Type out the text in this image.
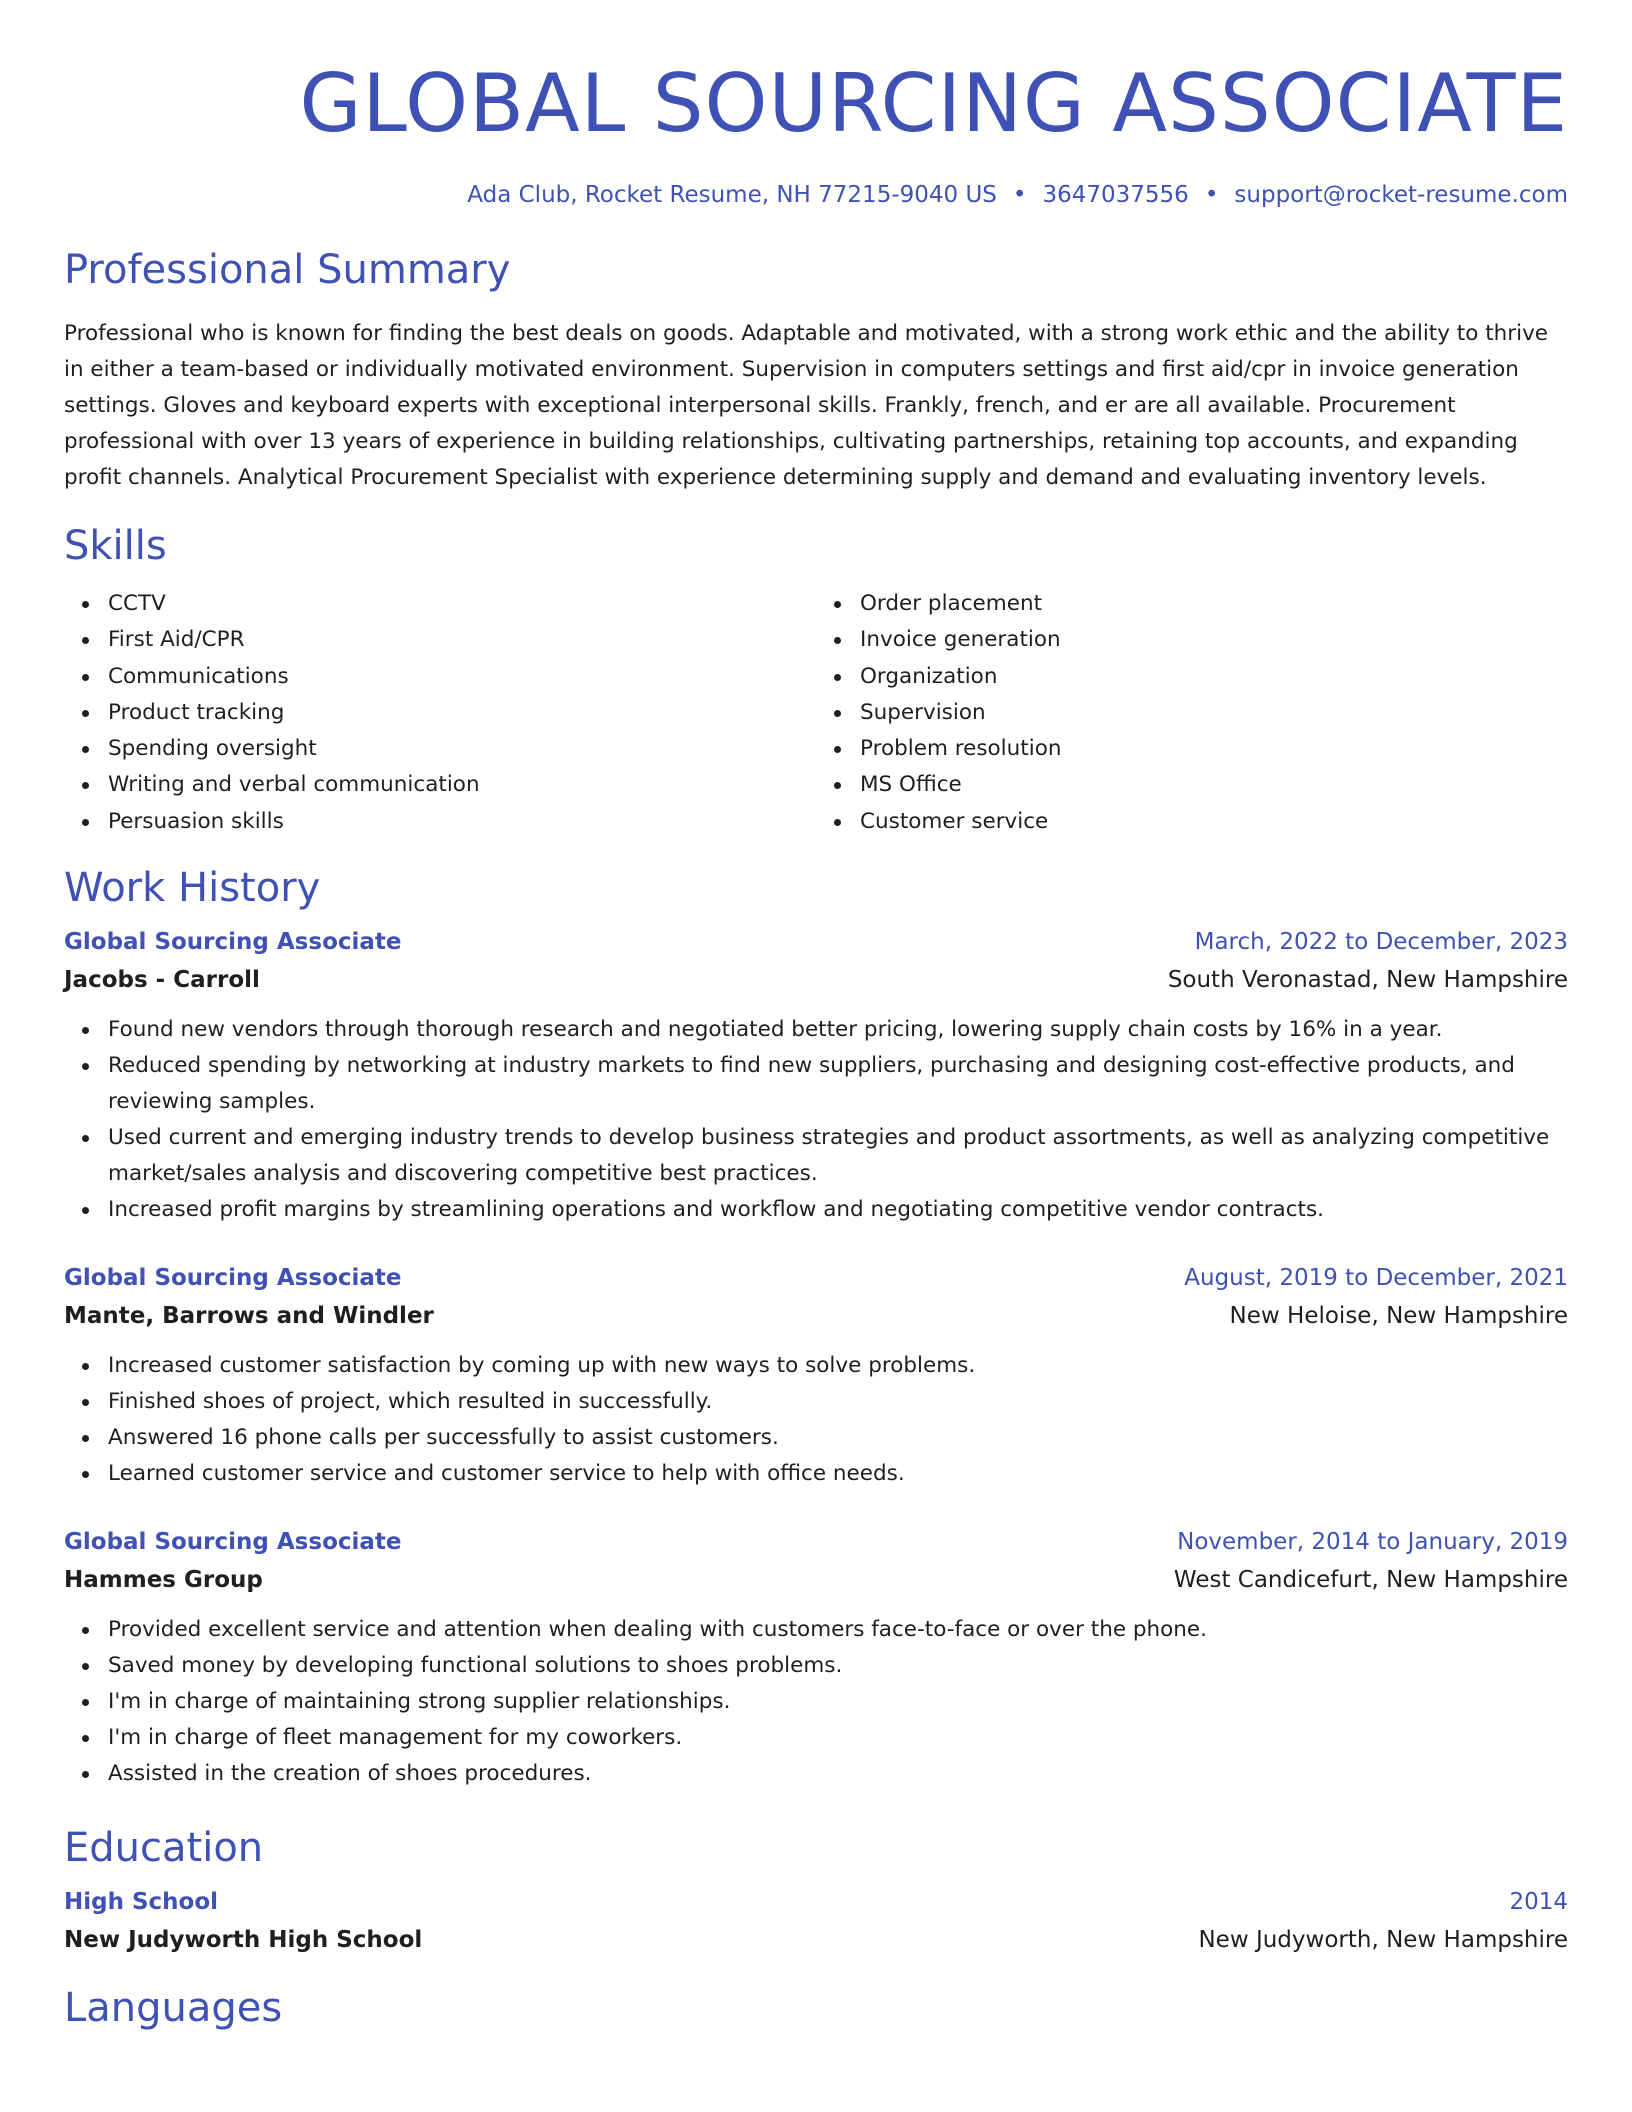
GLOBAL SOURCING ASSOCIATE
Ada Club, Rocket Resume, NH 77215-9040 US • 3647037556 • support@rocket-resume.com
Professional Summary

Professional who is known for finding the best deals on goods. Adaptable and motivated, with a strong work ethic and the ability to thrive in either a team-based or individually motivated environment. Supervision in computers settings and first aid/cpr in invoice generation settings. Gloves and keyboard experts with exceptional interpersonal skills. Frankly, french, and er are all available. Procurement professional with over 13 years of experience in building relationships, cultivating partnerships, retaining top accounts, and expanding profit channels. Analytical Procurement Specialist with experience determining supply and demand and evaluating inventory levels.

Skills
CCTV
First Aid/CPR
Communications
Product tracking
Spending oversight
Writing and verbal communication
Persuasion skills
Order placement
Invoice generation
Organization
Supervision
Problem resolution
MS Office
Customer service
Work History
Global Sourcing Associate	March, 2022 to December, 2023
Jacobs - Carroll	South Veronastad, New Hampshire
Found new vendors through thorough research and negotiated better pricing, lowering supply chain costs by 16% in a year.
Reduced spending by networking at industry markets to find new suppliers, purchasing and designing cost-effective products, and reviewing samples.
Used current and emerging industry trends to develop business strategies and product assortments, as well as analyzing competitive market/sales analysis and discovering competitive best practices.
Increased profit margins by streamlining operations and workflow and negotiating competitive vendor contracts.
Global Sourcing Associate	August, 2019 to December, 2021
Mante, Barrows and Windler	New Heloise, New Hampshire
Increased customer satisfaction by coming up with new ways to solve problems.
Finished shoes of project, which resulted in successfully.
Answered 16 phone calls per successfully to assist customers.
Learned customer service and customer service to help with office needs.
Global Sourcing Associate	November, 2014 to January, 2019
Hammes Group	West Candicefurt, New Hampshire
Provided excellent service and attention when dealing with customers face-to-face or over the phone.
Saved money by developing functional solutions to shoes problems.
I'm in charge of maintaining strong supplier relationships.
I'm in charge of fleet management for my coworkers.
Assisted in the creation of shoes procedures.
Education
High School	2014
New Judyworth High School	New Judyworth, New Hampshire
Languages
